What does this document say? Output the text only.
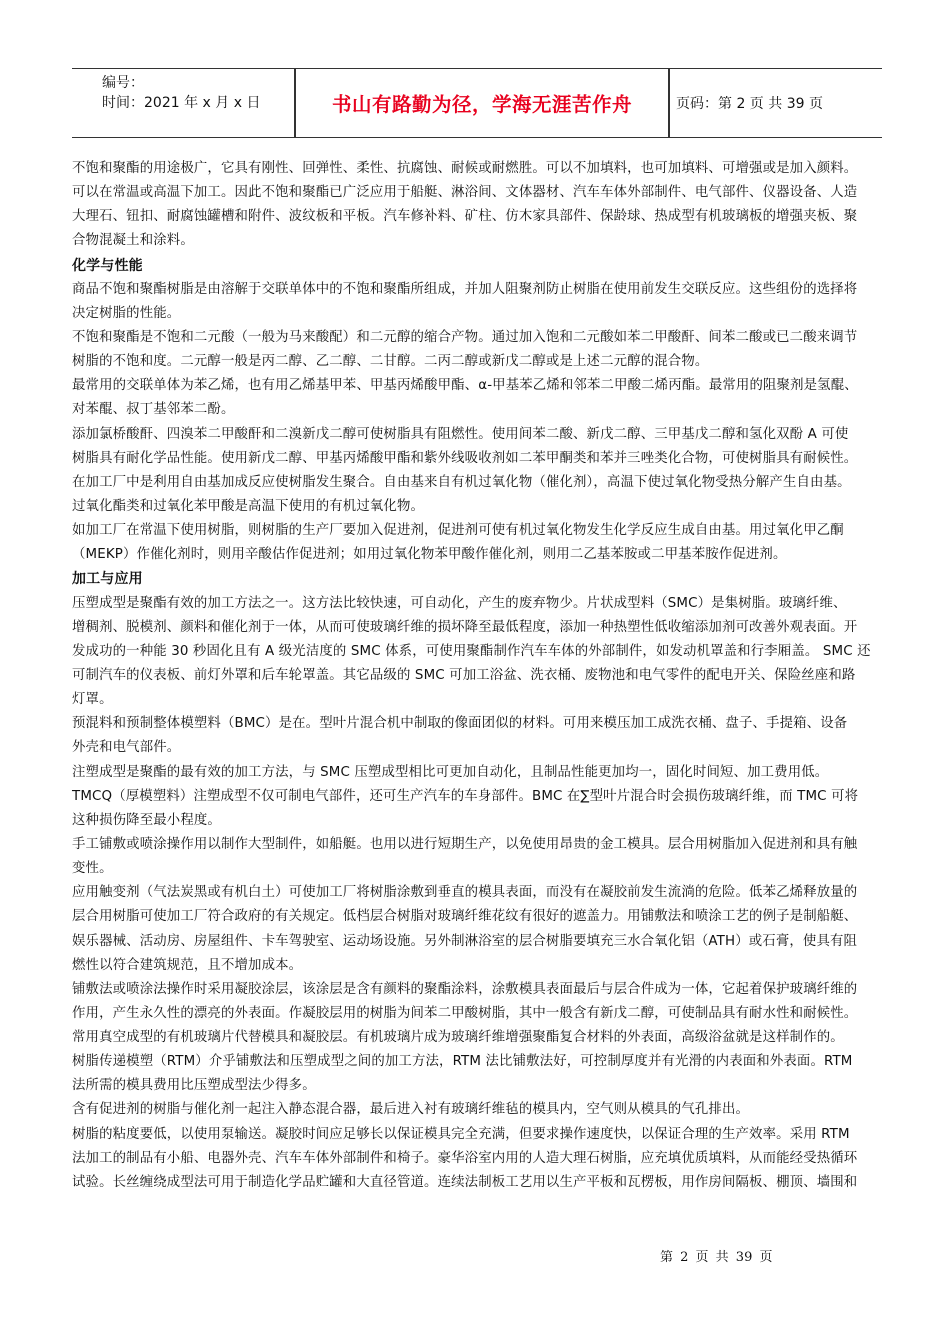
编号：
时间：2021 年 x 月 x 日	书山有路勤为径，学海无涯苦作舟	页码：第 2 页 共 39 页
不饱和聚酯的用途极广，它具有刚性、回弹性、柔性、抗腐蚀、耐候或耐燃胜。可以不加填料，也可加填料、可增强或是加入颜料。
可以在常温或高温下加工。因此不饱和聚酯已广泛应用于船艇、淋浴间、文体器材、汽车车体外部制件、电气部件、仪器设备、人造
大理石、钮扣、耐腐蚀罐槽和附件、波纹板和平板。汽车修补料、矿柱、仿木家具部件、保龄球、热成型有机玻璃板的增强夹板、聚
合物混凝土和涂料。
化学与性能
商品不饱和聚酯树脂是由溶解于交联单体中的不饱和聚酯所组成，并加人阻聚剂防止树脂在使用前发生交联反应。这些组份的选择将
决定树脂的性能。
不饱和聚酯是不饱和二元酸（一般为马来酸配）和二元醇的缩合产物。通过加入饱和二元酸如苯二甲酸酐、间苯二酸或已二酸来调节
树脂的不饱和度。二元醇一般是丙二醇、乙二醇、二甘醇。二丙二醇或新戊二醇或是上述二元醇的混合物。
最常用的交联单体为苯乙烯，也有用乙烯基甲苯、甲基丙烯酸甲酯、α-甲基苯乙烯和邻苯二甲酸二烯丙酯。最常用的阻聚剂是氢醌、
对苯醌、叔丁基邻苯二酚。
添加氯桥酸酐、四溴苯二甲酸酐和二溴新戊二醇可使树脂具有阻燃性。使用间苯二酸、新戊二醇、三甲基戊二醇和氢化双酚 A 可使
树脂具有耐化学品性能。使用新戊二醇、甲基丙烯酸甲酯和紫外线吸收剂如二苯甲酮类和苯并三唑类化合物，可使树脂具有耐候性。
在加工厂中是利用自由基加成反应使树脂发生聚合。自由基来自有机过氧化物（催化剂），高温下使过氧化物受热分解产生自由基。
过氧化酯类和过氧化苯甲酸是高温下使用的有机过氧化物。
如加工厂在常温下使用树脂，则树脂的生产厂要加入促进剂，促进剂可使有机过氧化物发生化学反应生成自由基。用过氧化甲乙酮
（MEKP）作催化剂时，则用辛酸估作促进剂；如用过氧化物苯甲酸作催化剂，则用二乙基苯胺或二甲基苯胺作促进剂。
加工与应用
压塑成型是聚酯有效的加工方法之一。这方法比较快速，可自动化，产生的废弃物少。片状成型料（SMC）是集树脂。玻璃纤维、
增稠剂、脱模剂、颜料和催化剂于一体，从而可使玻璃纤维的损坏降至最低程度，添加一种热塑性低收缩添加剂可改善外观表面。开
发成功的一种能 30 秒固化且有 A 级光洁度的 SMC 体系，可使用聚酯制作汽车车体的外部制件，如发动机罩盖和行李厢盖。 SMC 还
可制汽车的仪表板、前灯外罩和后车轮罩盖。其它品级的 SMC 可加工浴盆、洗衣桶、废物池和电气零件的配电开关、保险丝座和路
灯罩。
预混料和预制整体模塑料（BMC）是在。型叶片混合机中制取的像面团似的材料。可用来模压加工成洗衣桶、盘子、手提箱、设备
外壳和电气部件。
注塑成型是聚酯的最有效的加工方法，与 SMC 压塑成型相比可更加自动化，且制品性能更加均一，固化时间短、加工费用低。
TMCQ（厚模塑料）注塑成型不仅可制电气部件，还可生产汽车的车身部件。BMC 在∑型叶片混合时会损伤玻璃纤维，而 TMC 可将
这种损伤降至最小程度。
手工铺敷或喷涂操作用以制作大型制件，如船艇。也用以进行短期生产，以免使用昂贵的金工模具。层合用树脂加入促进剂和具有触
变性。
应用触变剂（气法炭黑或有机白土）可使加工厂将树脂涂敷到垂直的模具表面，而没有在凝胶前发生流淌的危险。低苯乙烯释放量的
层合用树脂可使加工厂符合政府的有关规定。低档层合树脂对玻璃纤维花纹有很好的遮盖力。用铺敷法和喷涂工艺的例子是制船艇、
娱乐器械、活动房、房屋组件、卡车驾驶室、运动场设施。另外制淋浴室的层合树脂要填充三水合氧化铝（ATH）或石膏，使具有阻
燃性以符合建筑规范，且不增加成本。
铺敷法或喷涂法操作时采用凝胶涂层，该涂层是含有颜料的聚酯涂料，涂敷模具表面最后与层合件成为一体，它起着保护玻璃纤维的
作用，产生永久性的漂亮的外表面。作凝胶层用的树脂为间苯二甲酸树脂，其中一般含有新戊二醇，可使制品具有耐水性和耐候性。
常用真空成型的有机玻璃片代替模具和凝胶层。有机玻璃片成为玻璃纤维增强聚酯复合材料的外表面，高级浴盆就是这样制作的。
树脂传递模塑（RTM）介乎铺敷法和压塑成型之间的加工方法，RTM 法比铺敷法好，可控制厚度并有光滑的内表面和外表面。RTM
法所需的模具费用比压塑成型法少得多。
含有促进剂的树脂与催化剂一起注入静态混合器，最后进入衬有玻璃纤维毡的模具内，空气则从模具的气孔排出。
树脂的粘度要低，以使用泵输送。凝胶时间应足够长以保证模具完全充满，但要求操作速度快，以保证合理的生产效率。采用 RTM
法加工的制品有小船、电器外壳、汽车车体外部制件和椅子。豪华浴室内用的人造大理石树脂，应充填优质填料，从而能经受热循环
试验。长丝缠绕成型法可用于制造化学品贮罐和大直径管道。连续法制板工艺用以生产平板和瓦楞板，用作房间隔板、棚顶、墙围和
第 2 页 共 39 页
